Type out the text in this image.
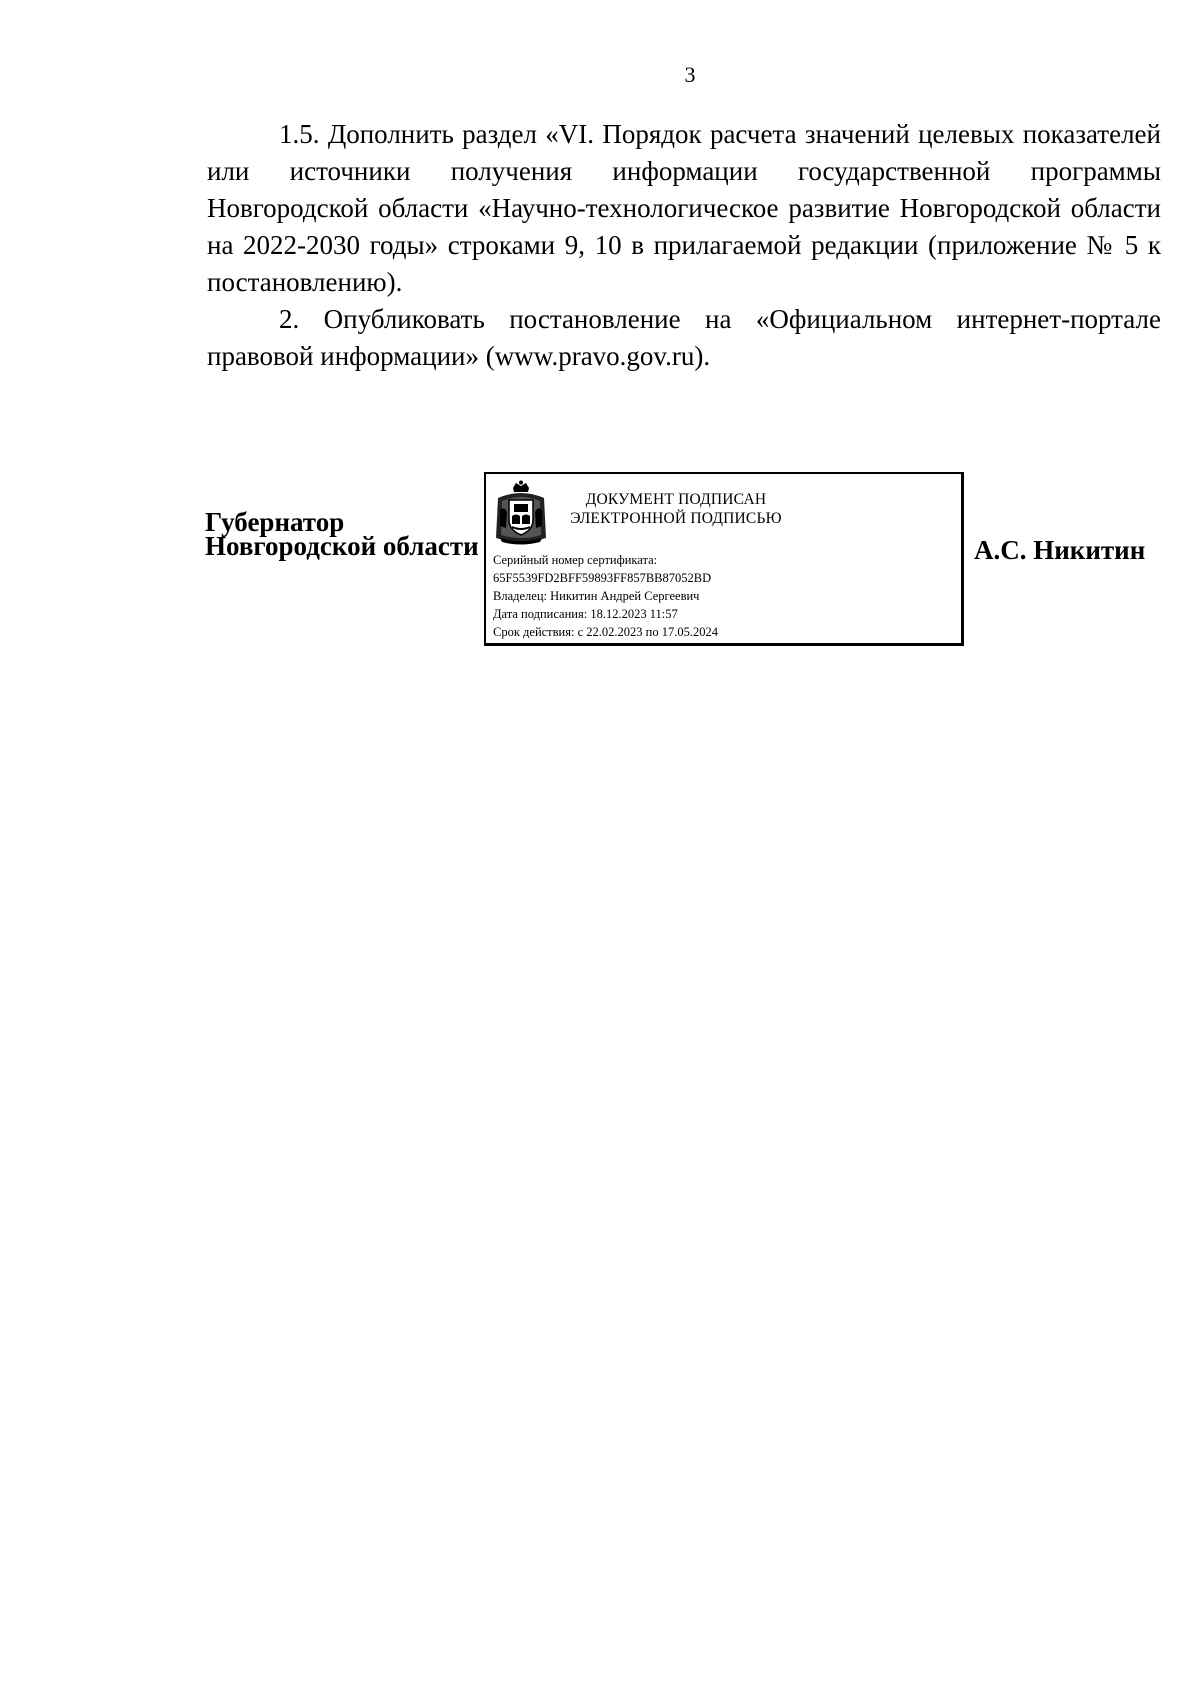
3

1.5. Дополнить раздел «VI. Порядок расчета значений целевых показателей или источники получения информации государственной программы Новгородской области «Научно-технологическое развитие Новгородской области на 2022-2030 годы» строками 9, 10 в прилагаемой редакции (приложение № 5 к постановлению).

2. Опубликовать постановление на «Официальном интернет-портале правовой информации» (www.pravo.gov.ru).

Губернатор
Новгородской области
ДОКУМЕНТ ПОДПИСАН
ЭЛЕКТРОННОЙ ПОДПИСЬЮ
Серийный номер сертификата:
65F5539FD2BFF59893FF857BB87052BD
Владелец: Никитин Андрей Сергеевич
Дата подписания: 18.12.2023 11:57
Срок действия: с 22.02.2023 по 17.05.2024
А.С. Никитин
